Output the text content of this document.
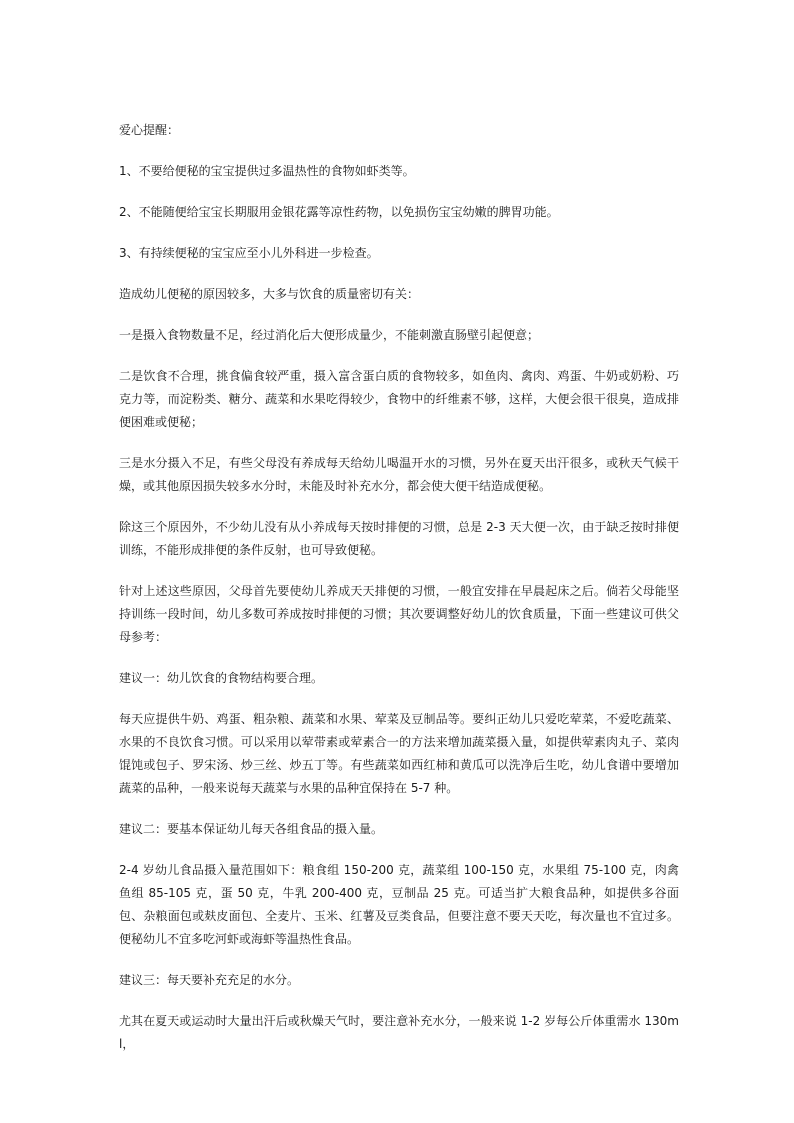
爱心提醒：

1、不要给便秘的宝宝提供过多温热性的食物如虾类等。

2、不能随便给宝宝长期服用金银花露等凉性药物，以免损伤宝宝幼嫩的脾胃功能。

3、有持续便秘的宝宝应至小儿外科进一步检查。

造成幼儿便秘的原因较多，大多与饮食的质量密切有关：

一是摄入食物数量不足，经过消化后大便形成量少，不能刺激直肠壁引起便意；

二是饮食不合理，挑食偏食较严重，摄入富含蛋白质的食物较多，如鱼肉、禽肉、鸡蛋、牛奶或奶粉、巧克力等，而淀粉类、糖分、蔬菜和水果吃得较少，食物中的纤维素不够，这样，大便会很干很臭，造成排便困难或便秘；

三是水分摄入不足，有些父母没有养成每天给幼儿喝温开水的习惯，另外在夏天出汗很多，或秋天气候干燥，或其他原因损失较多水分时，未能及时补充水分，都会使大便干结造成便秘。

除这三个原因外，不少幼儿没有从小养成每天按时排便的习惯，总是 2-3 天大便一次，由于缺乏按时排便训练，不能形成排便的条件反射，也可导致便秘。

针对上述这些原因，父母首先要使幼儿养成天天排便的习惯，一般宜安排在早晨起床之后。倘若父母能坚持训练一段时间，幼儿多数可养成按时排便的习惯；其次要调整好幼儿的饮食质量，下面一些建议可供父母参考：

建议一：幼儿饮食的食物结构要合理。

每天应提供牛奶、鸡蛋、粗杂粮、蔬菜和水果、荤菜及豆制品等。要纠正幼儿只爱吃荤菜，不爱吃蔬菜、水果的不良饮食习惯。可以采用以荤带素或荤素合一的方法来增加蔬菜摄入量，如提供荤素肉丸子、菜肉馄饨或包子、罗宋汤、炒三丝、炒五丁等。有些蔬菜如西红柿和黄瓜可以洗净后生吃，幼儿食谱中要增加蔬菜的品种，一般来说每天蔬菜与水果的品种宜保持在 5-7 种。

建议二：要基本保证幼儿每天各组食品的摄入量。

2-4 岁幼儿食品摄入量范围如下：粮食组 150-200 克，蔬菜组 100-150 克，水果组 75-100 克，肉禽鱼组 85-105 克，蛋 50 克，牛乳 200-400 克，豆制品 25 克。可适当扩大粮食品种，如提供多谷面包、杂粮面包或麸皮面包、全麦片、玉米、红薯及豆类食品，但要注意不要天天吃，每次量也不宜过多。便秘幼儿不宜多吃河虾或海虾等温热性食品。

建议三：每天要补充充足的水分。

尤其在夏天或运动时大量出汗后或秋燥天气时，要注意补充水分，一般来说 1-2 岁每公斤体重需水 130ml，
